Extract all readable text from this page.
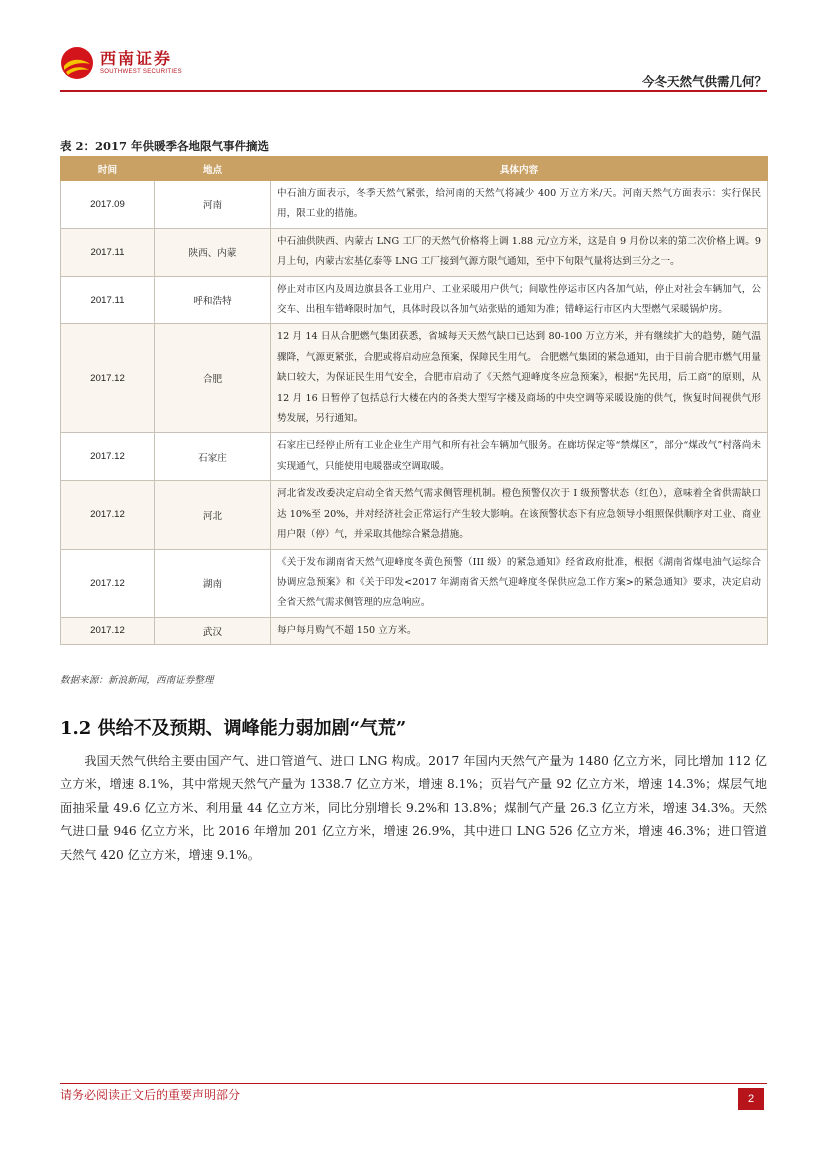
西南证券
SOUTHWEST SECURITIES
今冬天然气供需几何？
表 2：2017 年供暖季各地限气事件摘选
时间	地点	具体内容
2017.09	河南	中石油方面表示，冬季天然气紧张，给河南的天然气将减少 400 万立方米/天。河南天然气方面表示：实行保民用，限工业的措施。
2017.11	陕西、内蒙	中石油供陕西、内蒙古 LNG 工厂的天然气价格将上调 1.88 元/立方米，这是自 9 月份以来的第二次价格上调。9 月上旬，内蒙古宏基亿泰等 LNG 工厂接到气源方限气通知，至中下旬限气量将达到三分之一。
2017.11	呼和浩特	停止对市区内及周边旗县各工业用户、工业采暖用户供气；间歇性停运市区内各加气站，停止对社会车辆加气，公交车、出租车错峰限时加气，具体时段以各加气站张贴的通知为准；错峰运行市区内大型燃气采暖锅炉房。
2017.12	合肥	12 月 14 日从合肥燃气集团获悉，省城每天天然气缺口已达到 80-100 万立方米，并有继续扩大的趋势，随气温骤降，气源更紧张，合肥或将启动应急预案，保障民生用气。 合肥燃气集团的紧急通知，由于目前合肥市燃气用量缺口较大，为保证民生用气安全，合肥市启动了《天然气迎峰度冬应急预案》，根据“先民用，后工商”的原则，从 12 月 16 日暂停了包括总行大楼在内的各类大型写字楼及商场的中央空调等采暖设施的供气，恢复时间视供气形势发展，另行通知。
2017.12	石家庄	石家庄已经停止所有工业企业生产用气和所有社会车辆加气服务。在廊坊保定等“禁煤区”，部分“煤改气”村落尚未实现通气，只能使用电暖器或空调取暖。
2017.12	河北	河北省发改委决定启动全省天然气需求侧管理机制。橙色预警仅次于 I 级预警状态（红色），意味着全省供需缺口达 10%至 20%，并对经济社会正常运行产生较大影响。在该预警状态下有应急领导小组照保供顺序对工业、商业用户限（停）气，并采取其他综合紧急措施。
2017.12	湖南	《关于发布湖南省天然气迎峰度冬黄色预警（III 级）的紧急通知》经省政府批准，根据《湖南省煤电油气运综合协调应急预案》和《关于印发<2017 年湖南省天然气迎峰度冬保供应急工作方案>的紧急通知》要求，决定启动全省天然气需求侧管理的应急响应。
2017.12	武汉	每户每月购气不超 150 立方米。
数据来源：新浪新闻，西南证券整理
1.2 供给不及预期、调峰能力弱加剧“气荒”

我国天然气供给主要由国产气、进口管道气、进口 LNG 构成。2017 年国内天然气产量为 1480 亿立方米，同比增加 112 亿立方米，增速 8.1%，其中常规天然气产量为 1338.7 亿立方米，增速 8.1%；页岩气产量 92 亿立方米，增速 14.3%；煤层气地面抽采量 49.6 亿立方米、利用量 44 亿立方米，同比分别增长 9.2%和 13.8%；煤制气产量 26.3 亿立方米，增速 34.3%。天然气进口量 946 亿立方米，比 2016 年增加 201 亿立方米，增速 26.9%，其中进口 LNG 526 亿立方米，增速 46.3%；进口管道天然气 420 亿立方米，增速 9.1%。

请务必阅读正文后的重要声明部分	2
